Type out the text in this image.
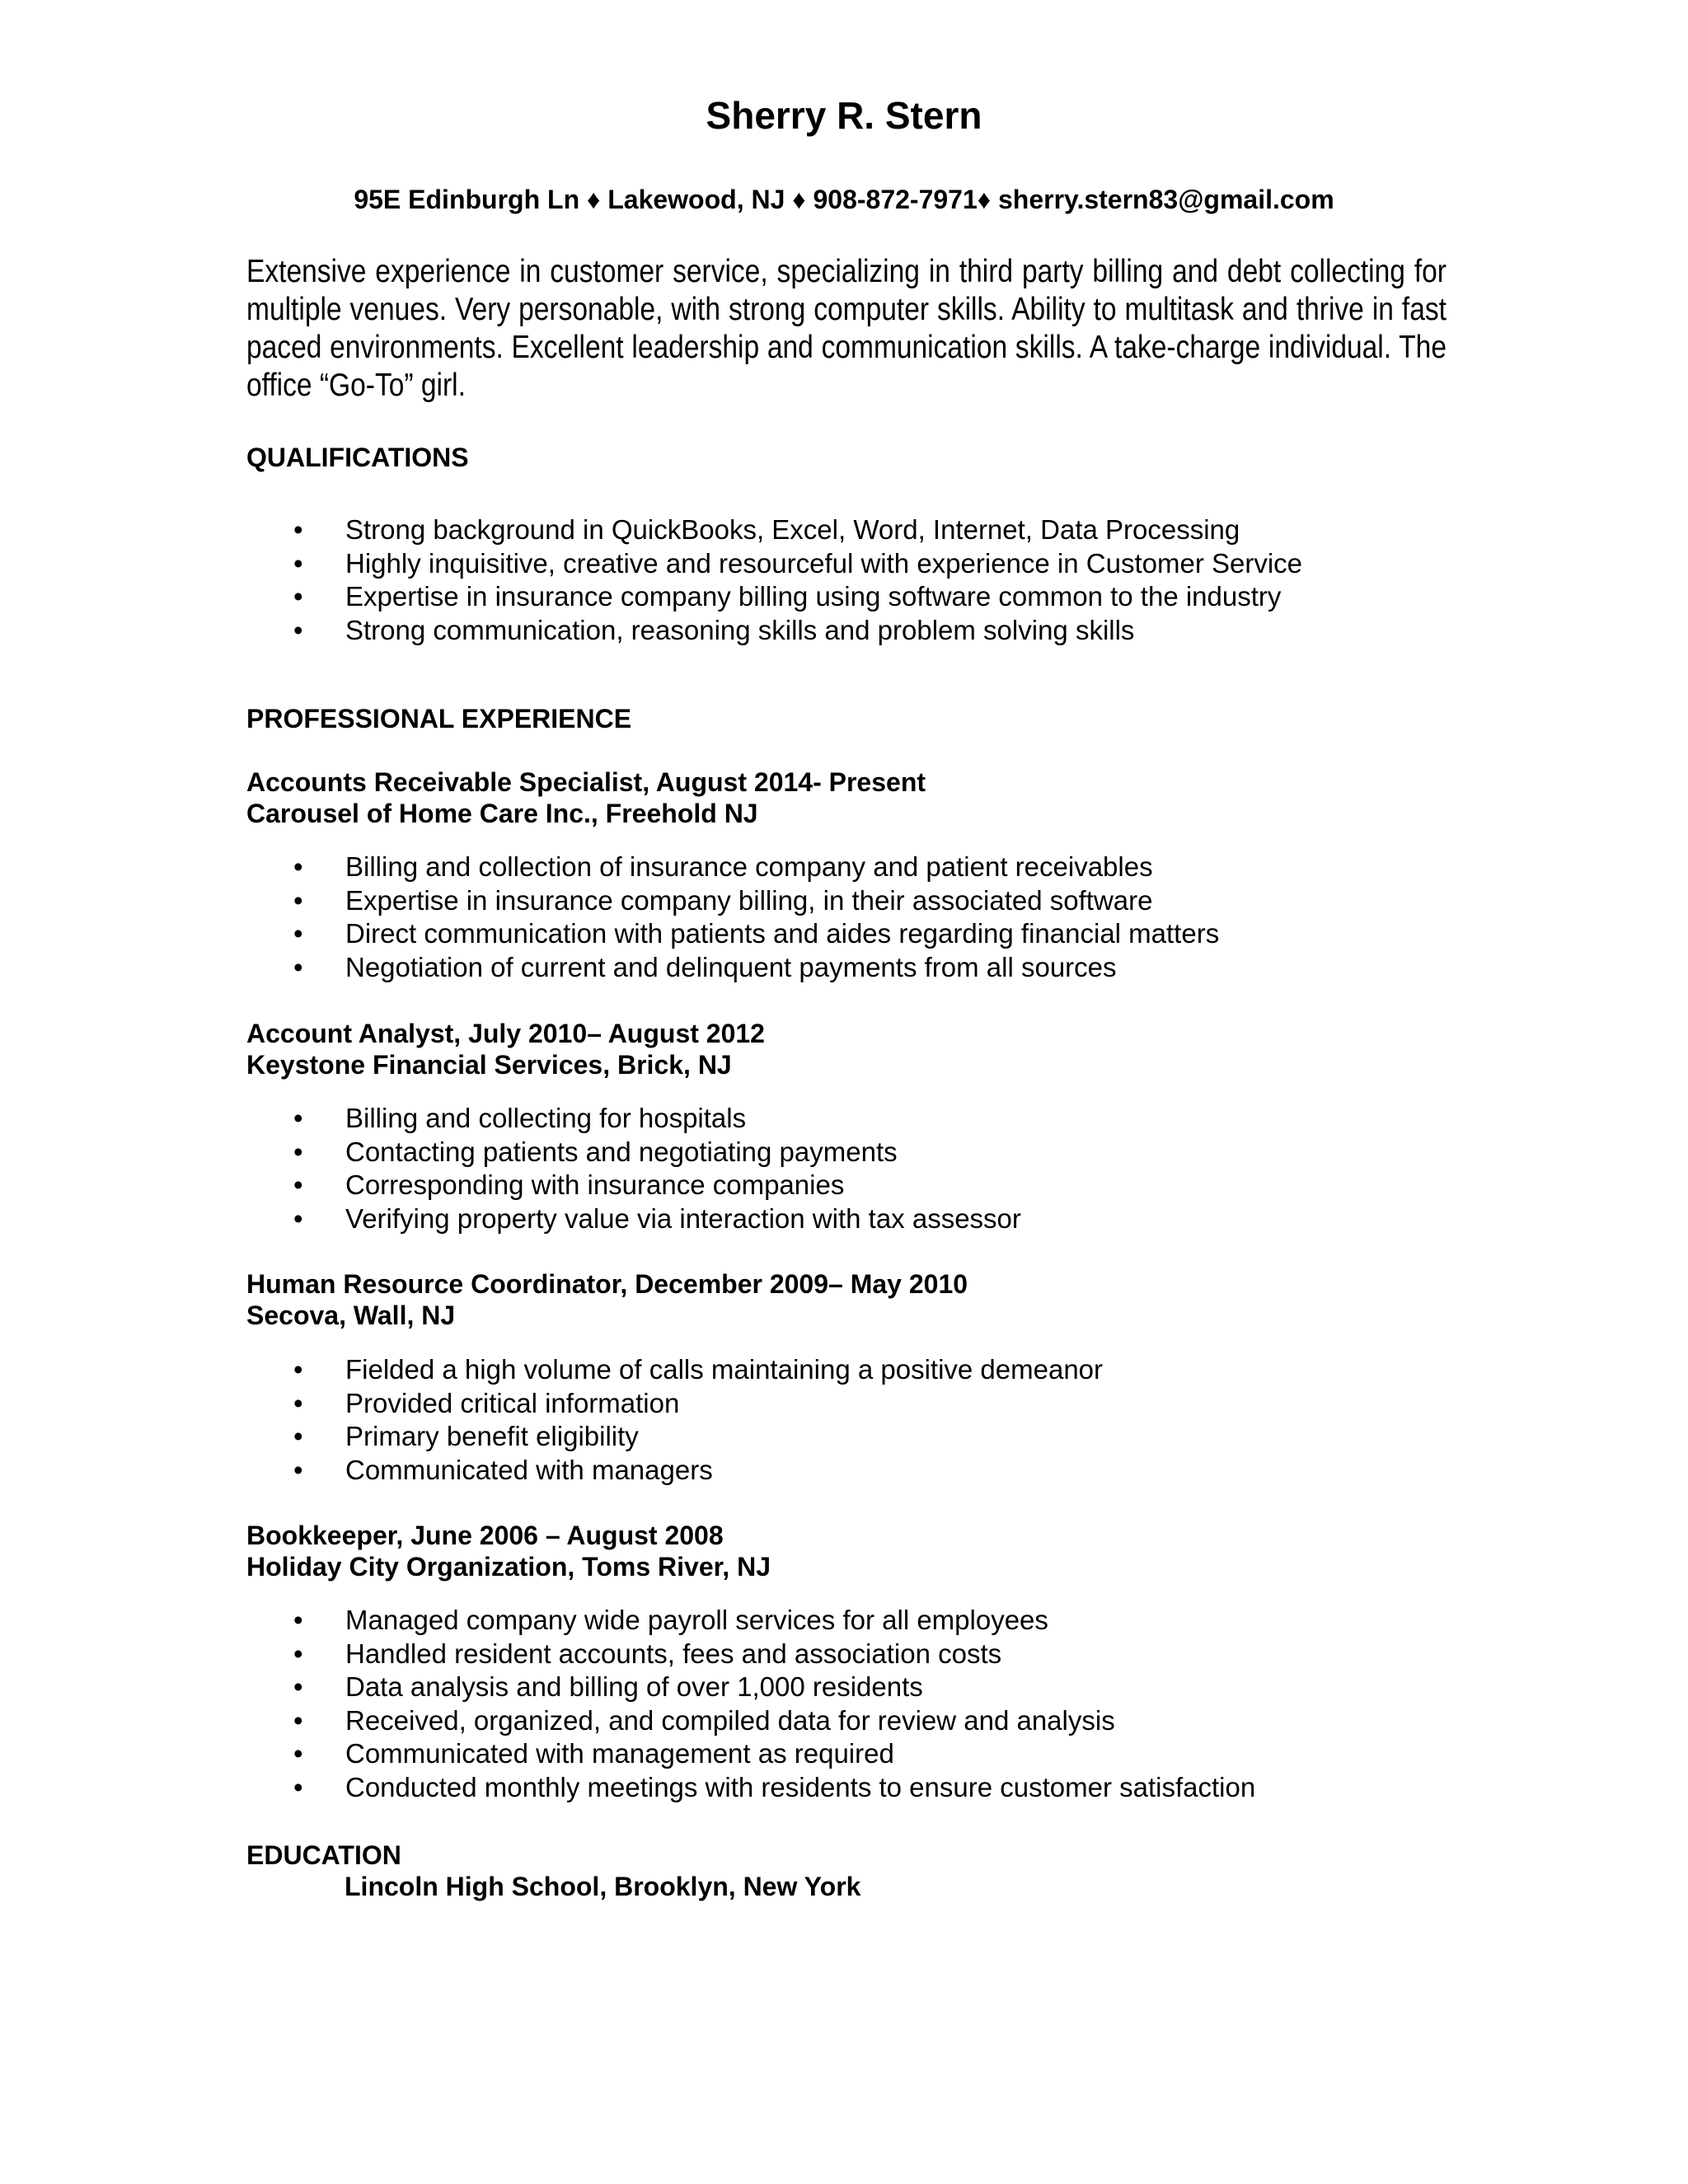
Sherry R. Stern
95E Edinburgh Ln ♦ Lakewood, NJ ♦ 908-872-7971♦ sherry.stern83@gmail.com
Extensive experience in customer service, specializing in third party billing and debt collecting for
multiple venues. Very personable, with strong computer skills. Ability to multitask and thrive in fast
paced environments. Excellent leadership and communication skills. A take-charge individual. The
office “Go-To” girl.
QUALIFICATIONS
• Strong background in QuickBooks, Excel, Word, Internet, Data Processing
• Highly inquisitive, creative and resourceful with experience in Customer Service
• Expertise in insurance company billing using software common to the industry
• Strong communication, reasoning skills and problem solving skills
PROFESSIONAL EXPERIENCE
Accounts Receivable Specialist, August 2014- Present
Carousel of Home Care Inc., Freehold NJ
• Billing and collection of insurance company and patient receivables
• Expertise in insurance company billing, in their associated software
• Direct communication with patients and aides regarding financial matters
• Negotiation of current and delinquent payments from all sources
Account Analyst, July 2010– August 2012
Keystone Financial Services, Brick, NJ
• Billing and collecting for hospitals
• Contacting patients and negotiating payments
• Corresponding with insurance companies
• Verifying property value via interaction with tax assessor
Human Resource Coordinator, December 2009– May 2010
Secova, Wall, NJ
• Fielded a high volume of calls maintaining a positive demeanor
• Provided critical information
• Primary benefit eligibility
• Communicated with managers
Bookkeeper, June 2006 – August 2008
Holiday City Organization, Toms River, NJ
• Managed company wide payroll services for all employees
• Handled resident accounts, fees and association costs
• Data analysis and billing of over 1,000 residents
• Received, organized, and compiled data for review and analysis
• Communicated with management as required
• Conducted monthly meetings with residents to ensure customer satisfaction
EDUCATION
Lincoln High School, Brooklyn, New York
